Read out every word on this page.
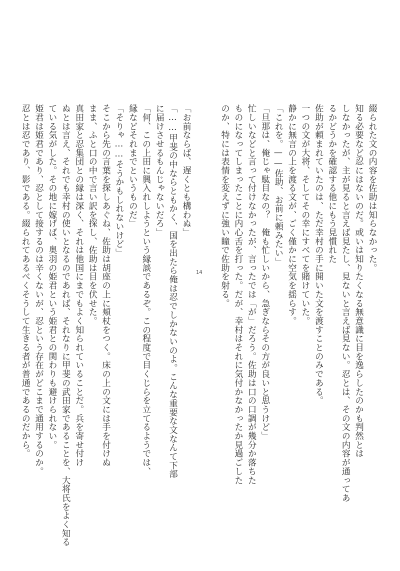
綴られた文の内容を佐助は知らなかった。

知る必要など忍にはないのだ。或いは知りたくなる無意識に目を逸らしたのかも判然とは

しなかったが、主が見ると言えば見たし、見ないと言えば見ない。忍とは、その文の内容が通ってあ

るかどうかを確認する他にもう見慣れた

佐助が頼まれていたのは、ただ幸村の手に開いた文を渡すことのみである。

一つの文が大将、そしてその幸にすべてを賭けていた。

静かに無言の上を渡る文が、ごく僅かに空気を揺らす。

「これを。——佐助、お前に頼みたい」

「旦那は、俺じゃ駄目なの？　俺も忙しいから、急ぎならその方が良いと思うけど」

忙しいなどと言って付けなかったが、言ったでは「が」だろう。佐助は口の口調が幾分か落ちた

ものになってしまったことに内心舌を打った。だが、幸村はそれに気付かなかったか見過ごした

のか、特には表情を変えずに強い瞳で佐助を射る。

14

「お前ならば、遅くとも構わぬ」

「……甲斐の中ならともかく、国を出たら俺は忍でしかないのよ。こんな重要な文なんて下部

に届けさせるもんじゃないだろ」

「何、この上田に興入れしようという縁談であるぞ。この程度で目くじらを立てるようでは、

縁などそれまでというものだ」

「そりゃ……そうかもしれないけど」

そこから先の言葉を探しあぐね、佐助は胡座の上に頬杖をつく。床の上の文には手を付けぬ

まま、ふと口の中で言い訳を探し、佐助は目を伏せた。

真田家と忍集団との縁は深く、それは他国にまでもよく知られていることだ。兵を寄せ付け

ぬとは言え、それでも幸村の使いとなるのであれば、それなりに甲斐の武田家であることを、大将氏をよく知る

ている気がした。その地に嫁げば、奥羽の姫君という姫君との関わりも避けられない。

姫君は姫君であり、忍として接するのは辛くないが、忍という存在がどこまで通用するのか。

忍とは忍であり、影である。綴られてあるべくそうして生きる者が普通であるのだから。
